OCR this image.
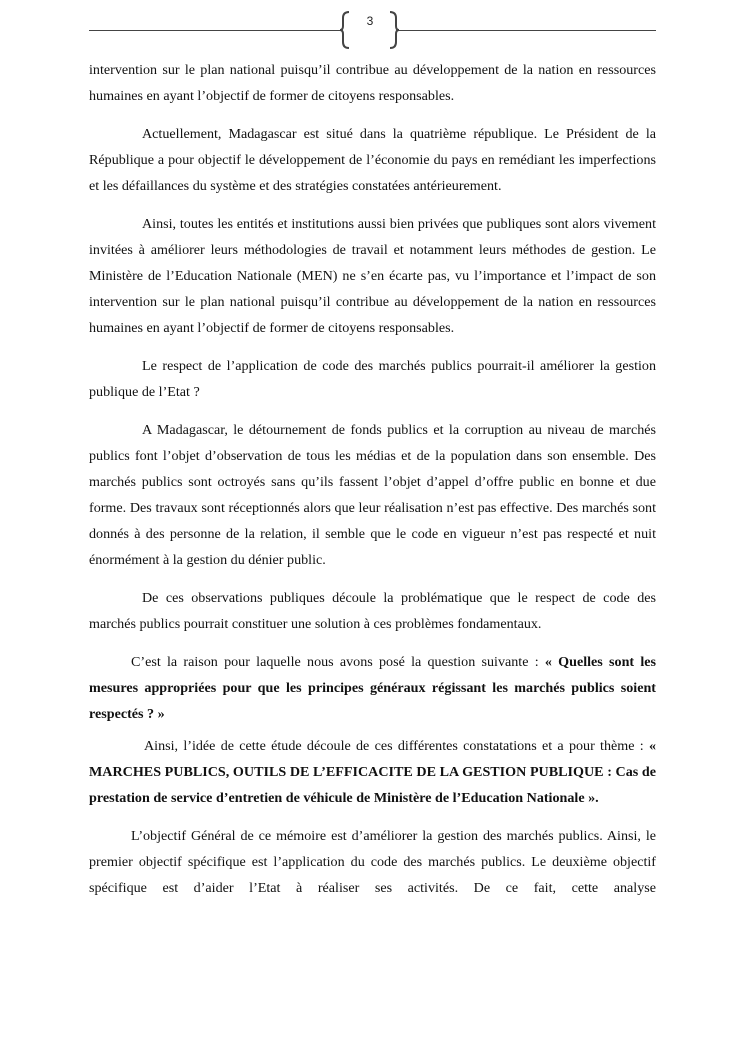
3

intervention sur le plan national puisqu’il contribue au développement de la nation en ressources humaines en ayant l’objectif de former de citoyens responsables.

Actuellement, Madagascar est situé dans la quatrième république. Le Président de la République a pour objectif le développement de l’économie du pays en remédiant les imperfections et les défaillances du système et des stratégies constatées antérieurement.

Ainsi, toutes les entités et institutions aussi bien privées que publiques sont alors vivement invitées à améliorer leurs méthodologies de travail et notamment leurs méthodes de gestion. Le Ministère de l’Education Nationale (MEN) ne s’en écarte pas, vu l’importance et l’impact de son intervention sur le plan national puisqu’il contribue au développement de la nation en ressources humaines en ayant l’objectif de former de citoyens responsables.

Le respect de l’application de code des marchés publics pourrait-il améliorer la gestion publique de l’Etat ?

A Madagascar, le détournement de fonds publics et la corruption au niveau de marchés publics font l’objet d’observation de tous les médias et de la population dans son ensemble. Des marchés publics sont octroyés sans qu’ils fassent l’objet d’appel d’offre public en bonne et due forme. Des travaux sont réceptionnés alors que leur réalisation n’est pas effective. Des marchés sont donnés à des personne de la relation, il semble que le code en vigueur n’est pas respecté et nuit énormément à la gestion du dénier public.

De ces observations publiques découle la problématique que le respect de code des marchés publics pourrait constituer une solution à ces problèmes fondamentaux.

C’est la raison pour laquelle nous avons posé la question suivante : « Quelles sont les mesures appropriées pour que les principes généraux régissant les marchés publics soient respectés ? »

Ainsi, l’idée de cette étude découle de ces différentes constatations et a pour thème : « MARCHES PUBLICS, OUTILS DE L’EFFICACITE DE LA GESTION PUBLIQUE : Cas de prestation de service d’entretien de véhicule de Ministère de l’Education Nationale ».

L’objectif Général de ce mémoire est d’améliorer la gestion des marchés publics. Ainsi, le premier objectif spécifique est l’application du code des marchés publics. Le deuxième objectif spécifique est d’aider l’Etat à réaliser ses activités. De ce fait, cette analyse
